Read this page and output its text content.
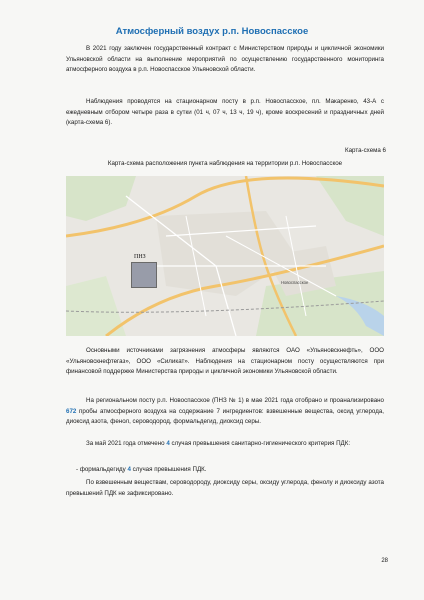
Атмосферный воздух р.п. Новоспасское
В 2021 году заключен государственный контракт с Министерством природы и цикличной экономики Ульяновской области на выполнение мероприятий по осуществлению государственного мониторинга атмосферного воздуха в р.п. Новоспасское Ульяновской области.
Наблюдения проводятся на стационарном посту в р.п. Новоспасское, пл. Макаренко, 43-А с ежедневным отбором четыре раза в сутки (01 ч, 07 ч, 13 ч, 19 ч), кроме воскресений и праздничных дней (карта-схема 6).
Карта-схема 6
Карта-схема расположения пункта наблюдения на территории р.п. Новоспасское
Новоспасское
ПНЗ
Основными источниками загрязнения атмосферы являются ОАО «Ульяновскнефть», ООО «Ульяновскнефтегаз», ООО «Силикат». Наблюдения на стационарном посту осуществляются при финансовой поддержке Министерства природы и цикличной экономики Ульяновской области.
На региональном посту р.п. Новоспасское (ПНЗ № 1) в мае 2021 года отобрано и проанализировано 672 пробы атмосферного воздуха на содержание 7 ингредиентов: взвешенные вещества, оксид углерода, диоксид азота, фенол, сероводород, формальдегид, диоксид серы.
За май 2021 года отмечено 4 случая превышения санитарно-гигиенического критерия ПДК:
- формальдегиду 4 случая превышения ПДК.
По взвешенным веществам, сероводороду, диоксиду серы, оксиду углерода, фенолу и диоксиду азота превышений ПДК не зафиксировано.
28
